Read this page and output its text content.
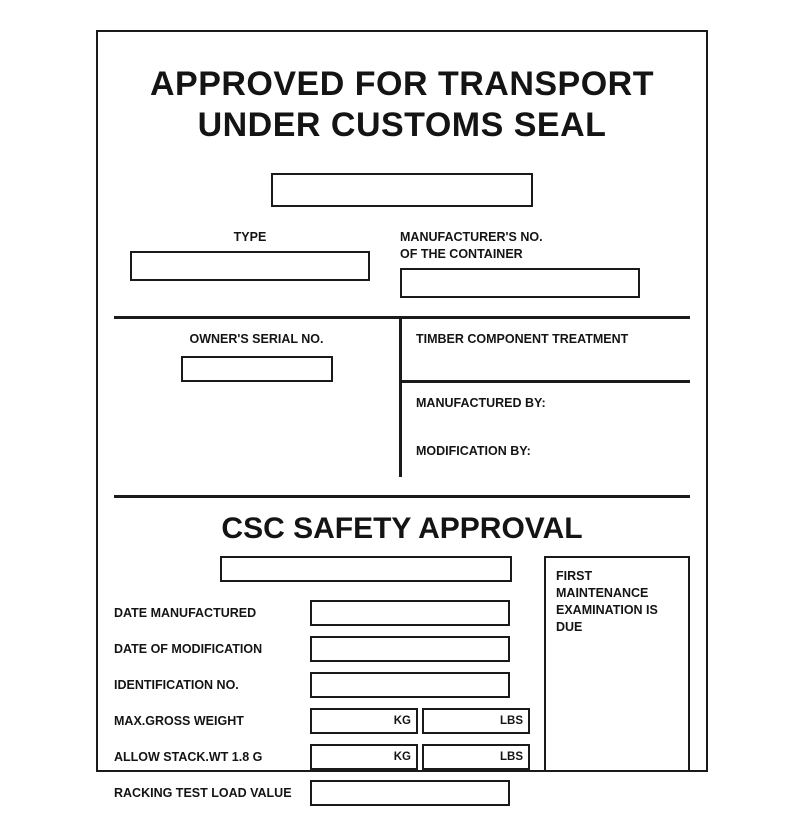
APPROVED FOR TRANSPORT
UNDER CUSTOMS SEAL
TYPE	MANUFACTURER'S NO.
OF THE CONTAINER
OWNER'S SERIAL NO.	TIMBER COMPONENT TREATMENT
MANUFACTURED BY:
MODIFICATION BY:
CSC SAFETY APPROVAL
DATE MANUFACTURED
DATE OF MODIFICATION
IDENTIFICATION NO.
MAX.GROSS WEIGHT	KG	LBS
ALLOW STACK.WT 1.8 G	KG	LBS
RACKING TEST LOAD VALUE
FIRST MAINTENANCE
EXAMINATION IS DUE
